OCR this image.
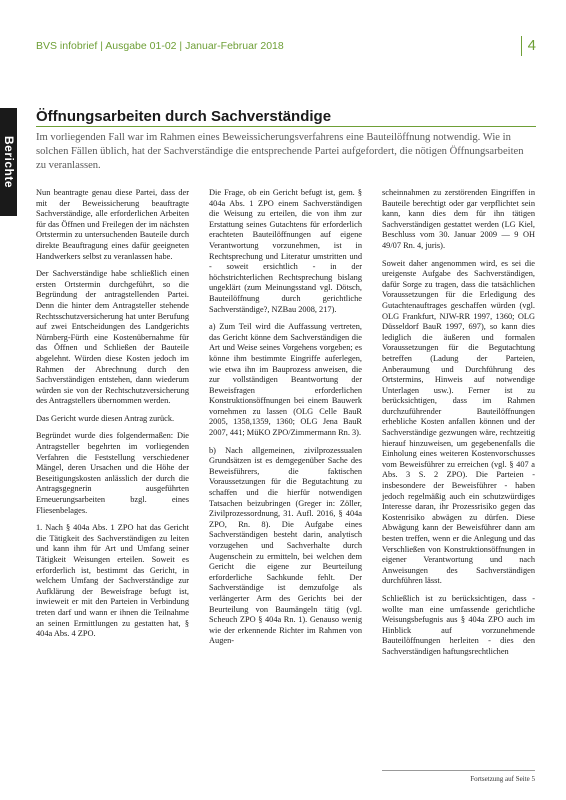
BVS infobrief | Ausgabe 01-02 | Januar-Februar 2018	4
Berichte
Öffnungsarbeiten durch Sachverständige
Im vorliegenden Fall war im Rahmen eines Beweissicherungsverfahrens eine Bauteilöffnung notwendig. Wie in solchen Fällen üblich, hat der Sachverständige die entsprechende Partei aufgefordert, die nötigen Öffnungsarbeiten zu veranlassen.

Nun beantragte genau diese Partei, dass der mit der Beweissicherung beauftragte Sachverständige, alle erforderlichen Arbeiten für das Öffnen und Freilegen der im nächsten Ortstermin zu untersuchenden Bauteile durch direkte Beauftragung eines dafür geeigneten Handwerkers selbst zu veranlassen habe.

Der Sachverständige habe schließlich einen ersten Ortstermin durchgeführt, so die Begründung der antragstellenden Partei. Denn die hinter dem Antragsteller stehende Rechtsschutzversicherung hat unter Berufung auf zwei Entscheidungen des Landgerichts Nürnberg-Fürth eine Kostenübernahme für das Öffnen und Schließen der Bauteile abgelehnt. Würden diese Kosten jedoch im Rahmen der Abrechnung durch den Sachverständigen entstehen, dann wiederum würden sie von der Rechtschutzversicherung des Antragstellers übernommen werden.

Das Gericht wurde diesen Antrag zurück.

Begründet wurde dies folgendermaßen: Die Antragsteller begehrten im vorliegenden Verfahren die Feststellung verschiedener Mängel, deren Ursachen und die Höhe der Beseitigungskosten anlässlich der durch die Antragsgegnerin ausgeführten Erneuerungsarbeiten bzgl. eines Fliesenbelages.

1. Nach § 404a Abs. 1 ZPO hat das Gericht die Tätigkeit des Sachverständigen zu leiten und kann ihm für Art und Umfang seiner Tätigkeit Weisungen erteilen. Soweit es erforderlich ist, bestimmt das Gericht, in welchem Umfang der Sachverständige zur Aufklärung der Beweisfrage befugt ist, inwieweit er mit den Parteien in Verbindung treten darf und wann er ihnen die Teilnahme an seinen Ermittlungen zu gestatten hat, § 404a Abs. 4 ZPO.

Die Frage, ob ein Gericht befugt ist, gem. § 404a Abs. 1 ZPO einem Sachverständigen die Weisung zu erteilen, die von ihm zur Erstattung seines Gutachtens für erforderlich erachteten Bauteilöffnungen auf eigene Verantwortung vorzunehmen, ist in Rechtsprechung und Literatur umstritten und - soweit ersichtlich - in der höchstrichterlichen Rechtsprechung bislang ungeklärt (zum Meinungsstand vgl. Dötsch, Bauteilöffnung durch gerichtliche Sachverständige?, NZBau 2008, 217).

a) Zum Teil wird die Auffassung vertreten, das Gericht könne dem Sachverständigen die Art und Weise seines Vorgehens vorgeben; es könne ihm bestimmte Eingriffe auferlegen, wie etwa ihn im Bauprozess anweisen, die zur vollständigen Beantwortung der Beweisfragen erforderlichen Konstruktionsöffnungen bei einem Bauwerk vornehmen zu lassen (OLG Celle BauR 2005, 1358,1359, 1360; OLG Jena BauR 2007, 441; MüKO ZPO/Zimmermann Rn. 3).

b) Nach allgemeinen, zivilprozessualen Grundsätzen ist es demgegenüber Sache des Beweisführers, die faktischen Voraussetzungen für die Begutachtung zu schaffen und die hierfür notwendigen Tatsachen beizubringen (Greger in: Zöller, Zivilprozessordnung, 31. Aufl. 2016, § 404a ZPO, Rn. 8). Die Aufgabe eines Sachverständigen besteht darin, analytisch vorzugehen und Sachverhalte durch Augenschein zu ermitteln, bei welchen dem Gericht die eigene zur Beurteilung erforderliche Sachkunde fehlt. Der Sachverständige ist demzufolge als verlängerter Arm des Gerichts bei der Beurteilung von Baumängeln tätig (vgl. Scheuch ZPO § 404a Rn. 1). Genauso wenig wie der erkennende Richter im Rahmen von Augen-

scheinnahmen zu zerstörenden Eingriffen in Bauteile berechtigt oder gar verpflichtet sein kann, kann dies dem für ihn tätigen Sachverständigen gestattet werden (LG Kiel, Beschluss vom 30. Januar 2009 — 9 OH 49/07 Rn. 4, juris).

Soweit daher angenommen wird, es sei die ureigenste Aufgabe des Sachverständigen, dafür Sorge zu tragen, dass die tatsächlichen Voraussetzungen für die Erledigung des Gutachtenauftrages geschaffen würden (vgl. OLG Frankfurt, NJW-RR 1997, 1360; OLG Düsseldorf BauR 1997, 697), so kann dies lediglich die äußeren und formalen Voraussetzungen für die Begutachtung betreffen (Ladung der Parteien, Anberaumung und Durchführung des Ortstermins, Hinweis auf notwendige Unterlagen usw.). Ferner ist zu berücksichtigen, dass im Rahmen durchzuführender Bauteilöffnungen erhebliche Kosten anfallen können und der Sachverständige gezwungen wäre, rechtzeitig hierauf hinzuweisen, um gegebenenfalls die Einholung eines weiteren Kostenvorschusses vom Beweisführer zu erreichen (vgl. § 407 a Abs. 3 S. 2 ZPO). Die Parteien - insbesondere der Beweisführer - haben jedoch regelmäßig auch ein schutzwürdiges Interesse daran, ihr Prozessrisiko gegen das Kostenrisiko abwägen zu dürfen. Diese Abwägung kann der Beweisführer dann am besten treffen, wenn er die Anlegung und das Verschließen von Konstruktionsöffnungen in eigener Verantwortung und nach Anweisungen des Sachverständigen durchführen lässt.

Schließlich ist zu berücksichtigen, dass - wollte man eine umfassende gerichtliche Weisungsbefugnis aus § 404a ZPO auch im Hinblick auf vorzunehmende Bauteilöffnungen herleiten - dies den Sachverständigen haftungsrechtlichen

Fortsetzung auf Seite 5
